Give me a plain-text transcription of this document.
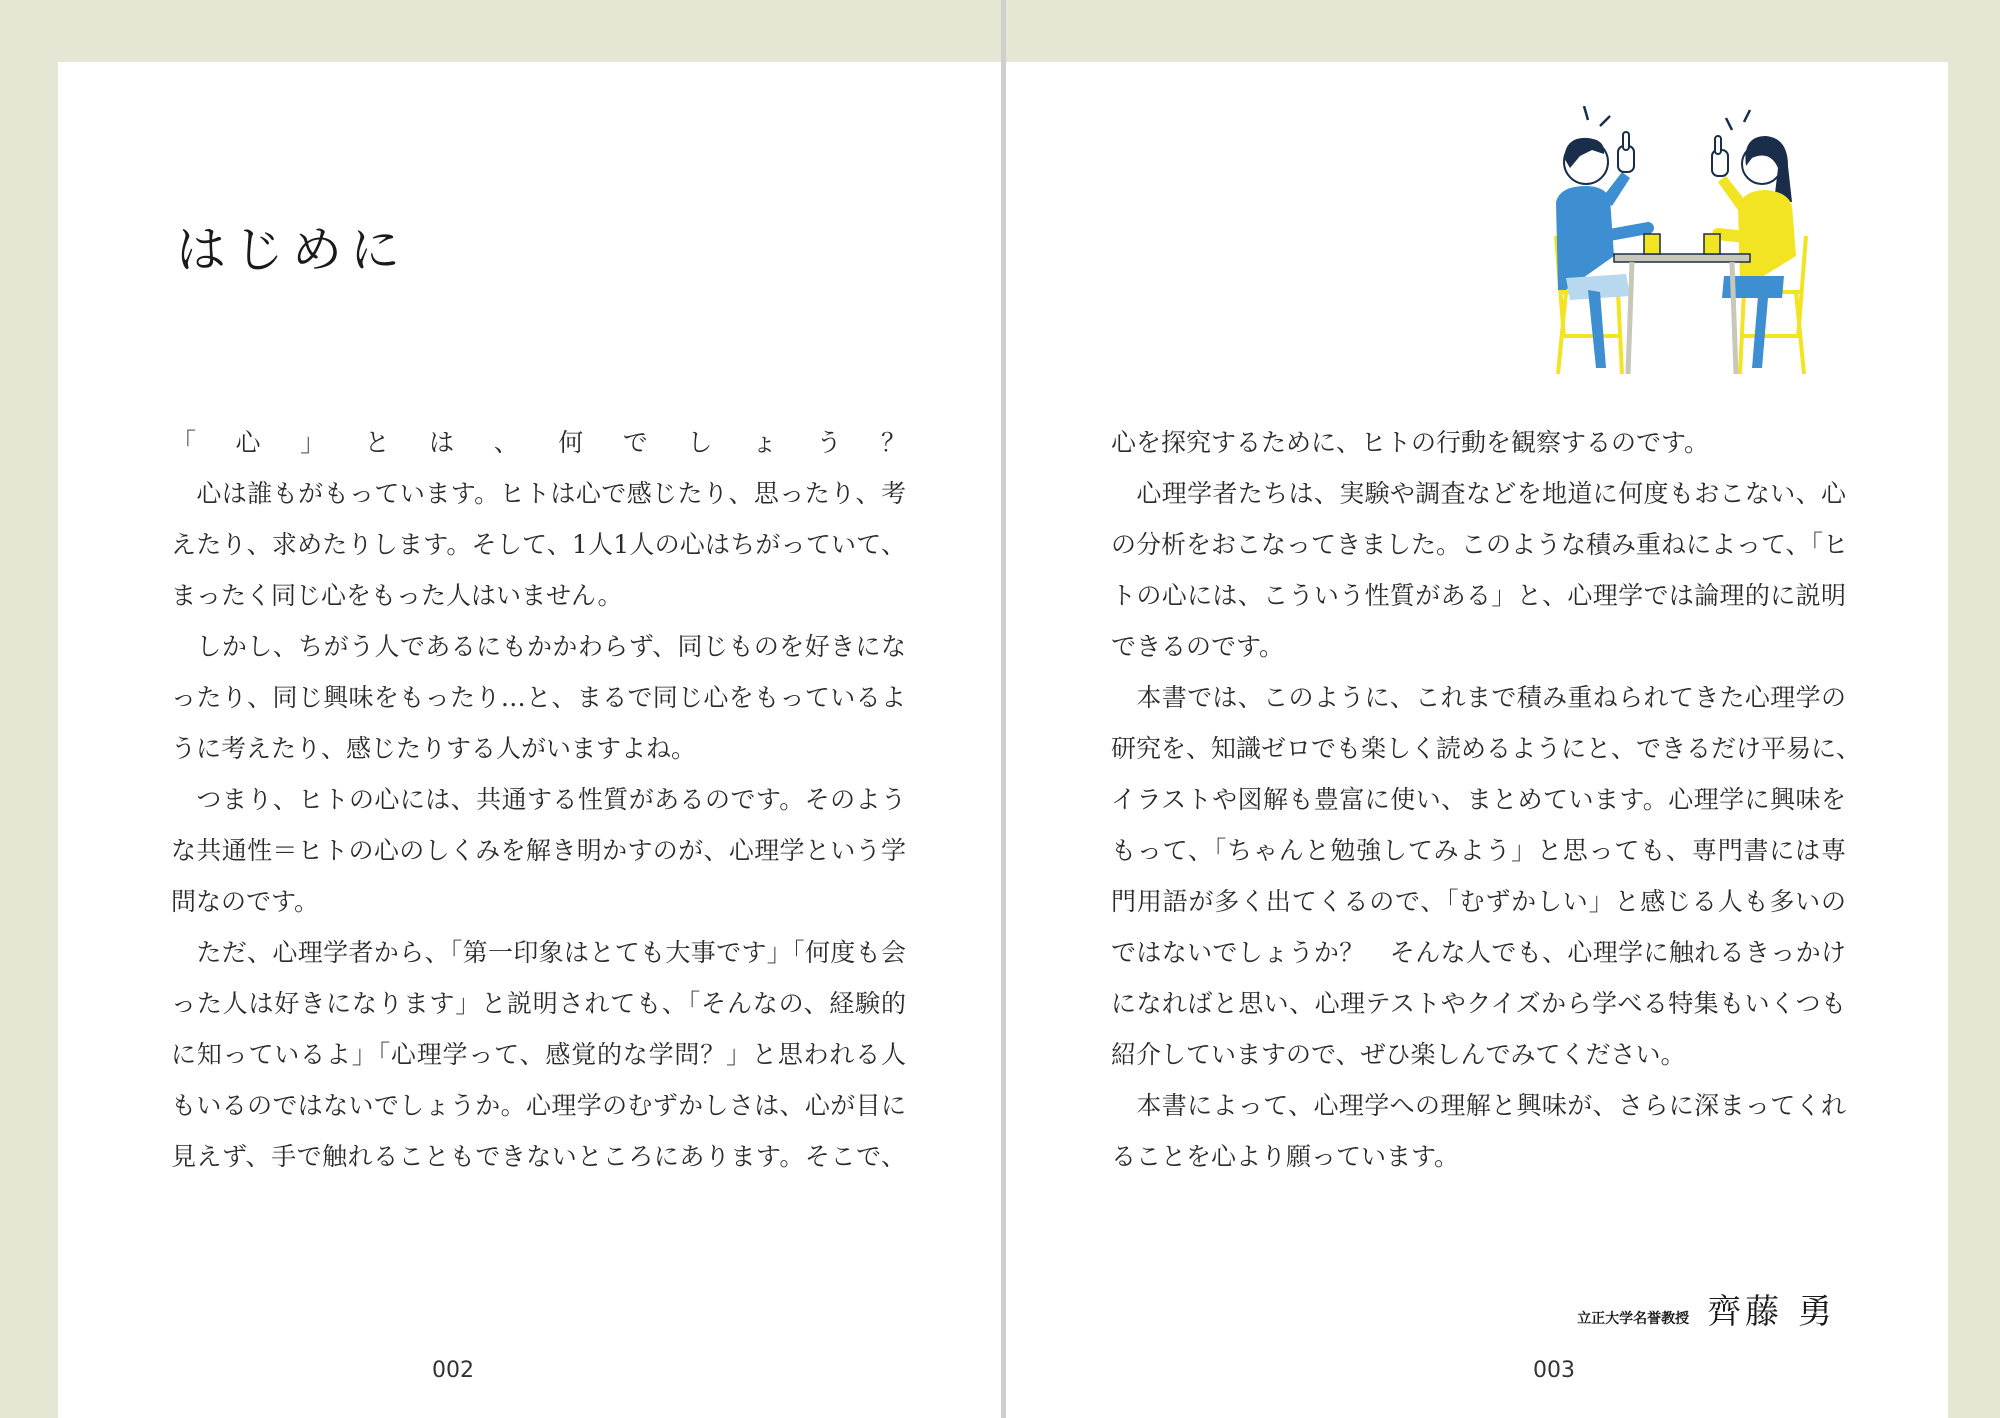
はじめに
「心」とは、何でしょう？
　心は誰もがもっています。ヒトは心で感じたり、思ったり、考
えたり、求めたりします。そして、1人1人の心はちがっていて、
まったく同じ心をもった人はいません。
　しかし、ちがう人であるにもかかわらず、同じものを好きにな
ったり、同じ興味をもったり…と、まるで同じ心をもっているよ
うに考えたり、感じたりする人がいますよね。
　つまり、ヒトの心には、共通する性質があるのです。そのよう
な共通性＝ヒトの心のしくみを解き明かすのが、心理学という学
問なのです。
　ただ、心理学者から、「第一印象はとても大事です」「何度も会
った人は好きになります」と説明されても、「そんなの、経験的
に知っているよ」「心理学って、感覚的な学問？」と思われる人
もいるのではないでしょうか。心理学のむずかしさは、心が目に
見えず、手で触れることもできないところにあります。そこで、
002
心を探究するために、ヒトの行動を観察するのです。
　心理学者たちは、実験や調査などを地道に何度もおこない、心
の分析をおこなってきました。このような積み重ねによって、「ヒ
トの心には、こういう性質がある」と、心理学では論理的に説明
できるのです。
　本書では、このように、これまで積み重ねられてきた心理学の
研究を、知識ゼロでも楽しく読めるようにと、できるだけ平易に、
イラストや図解も豊富に使い、まとめています。心理学に興味を
もって、「ちゃんと勉強してみよう」と思っても、専門書には専
門用語が多く出てくるので、「むずかしい」と感じる人も多いの
ではないでしょうか？　そんな人でも、心理学に触れるきっかけ
になればと思い、心理テストやクイズから学べる特集もいくつも
紹介していますので、ぜひ楽しんでみてください。
　本書によって、心理学への理解と興味が、さらに深まってくれ
ることを心より願っています。
立正大学名誉教授 齊藤 勇
003
